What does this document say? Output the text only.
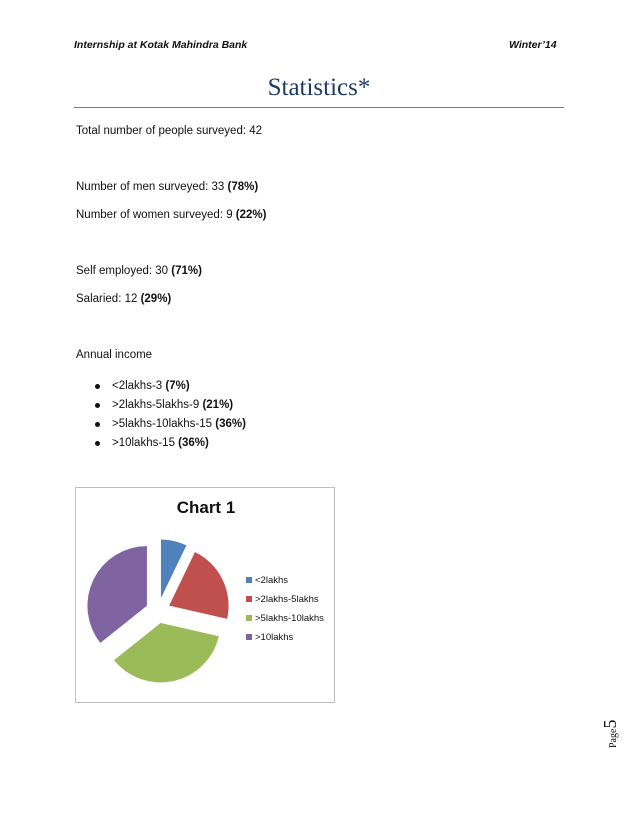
Internship at Kotak Mahindra Bank	Winter’14
Statistics*
Total number of people surveyed: 42
Number of men surveyed: 33 (78%)
Number of women surveyed: 9 (22%)
Self employed: 30 (71%)
Salaried: 12 (29%)
Annual income
<2lakhs-3 (7%)
>2lakhs-5lakhs-9 (21%)
>5lakhs-10lakhs-15 (36%)
>10lakhs-15 (36%)
Chart 1
<2lakhs
>2lakhs-5lakhs
>5lakhs-10lakhs
>10lakhs
Page5
